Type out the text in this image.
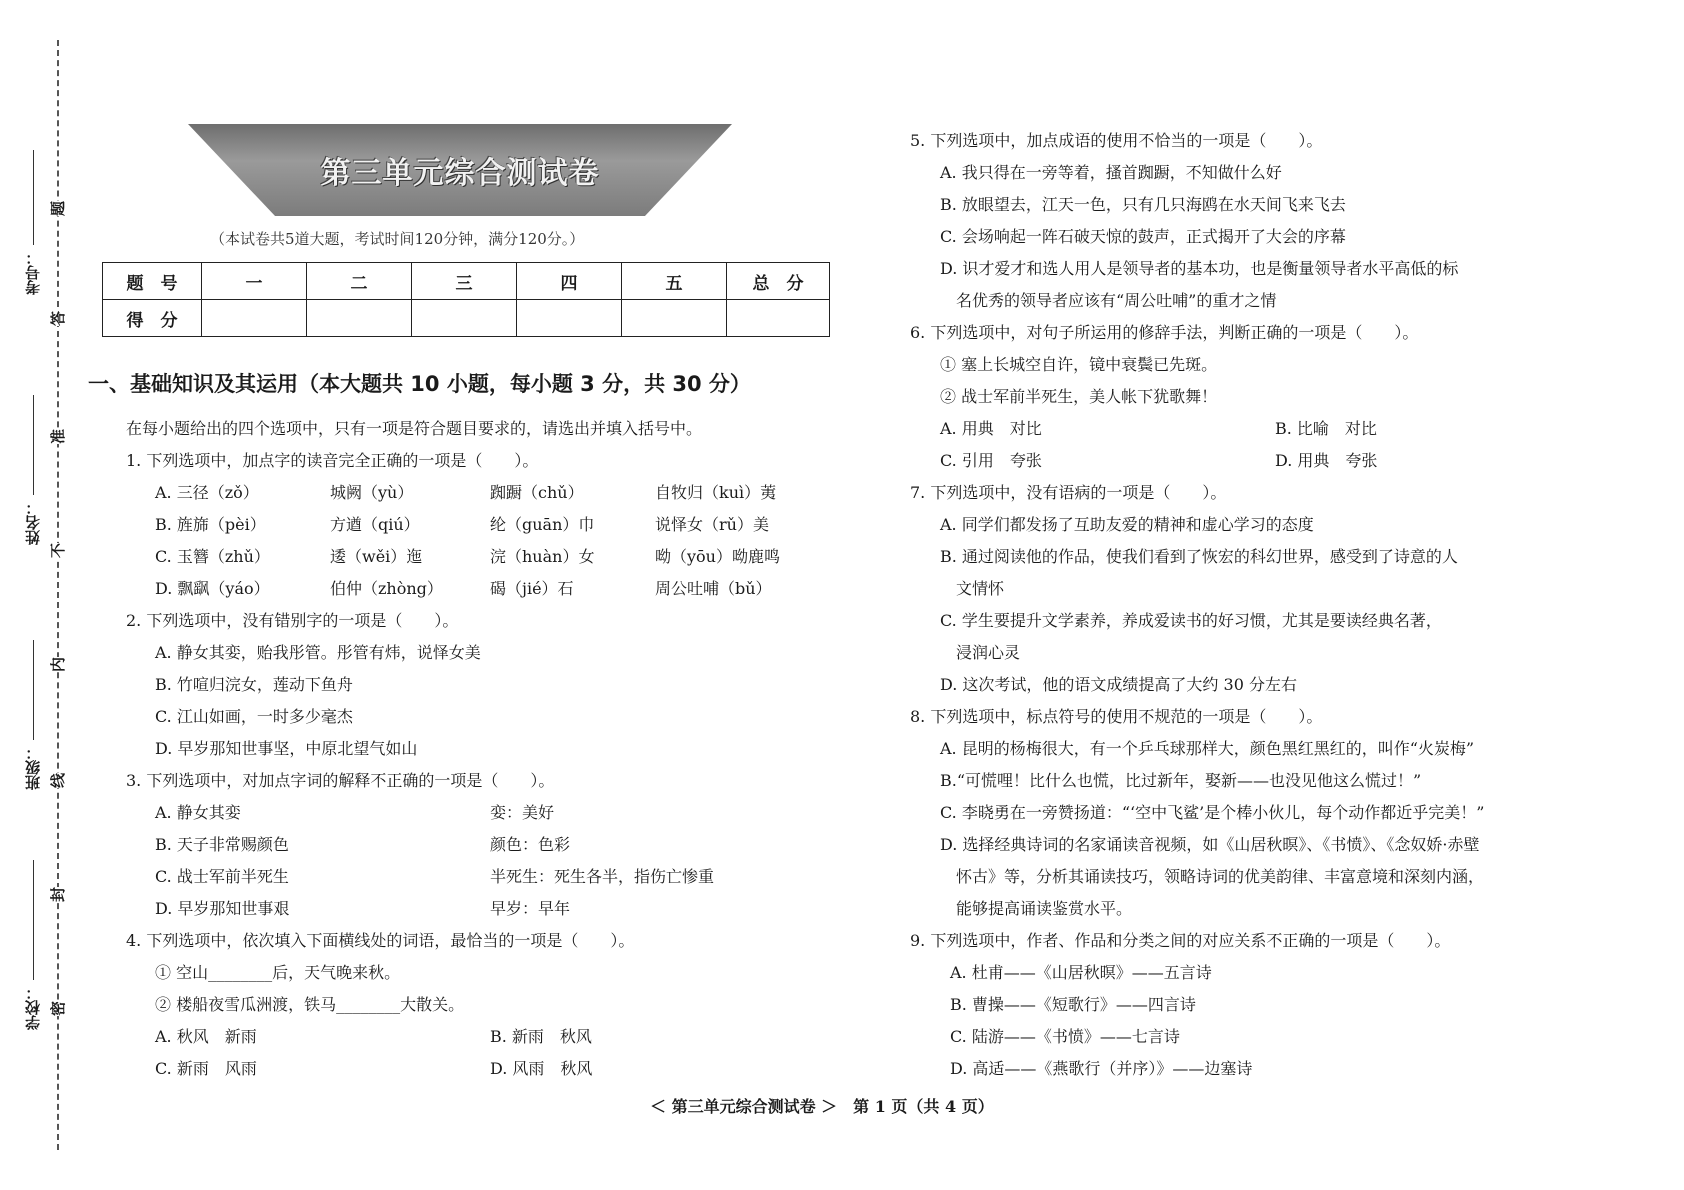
考号：
姓名：
班级：
学校：
题
答
准
不
内
线
封
密
第三单元综合测试卷
（本试卷共5道大题，考试时间120分钟，满分120分。）
题　号	一	二	三	四	五	总　分
得　分						
一、基础知识及其运用（本大题共 10 小题，每小题 3 分，共 30 分）
在每小题给出的四个选项中，只有一项是符合题目要求的，请选出并填入括号中。
1. 下列选项中，加点字的读音完全正确的一项是（　　）。
A. 三径（zǒ）	城阙（yù）	踟蹰（chǔ）	自牧归（kuì）荑
B. 旌旆（pèi）	方遒（qiú）	纶（guān）巾	说怿女（rǔ）美
C. 玉簪（zhǔ）	逶（wěi）迤	浣（huàn）女	呦（yōu）呦鹿鸣
D. 飘飖（yáo）	伯仲（zhòng）	碣（jié）石	周公吐哺（bǔ）
2. 下列选项中，没有错别字的一项是（　　）。
A. 静女其娈，贻我彤管。彤管有炜，说怿女美
B. 竹喧归浣女，莲动下鱼舟
C. 江山如画，一时多少毫杰
D. 早岁那知世事坚，中原北望气如山
3. 下列选项中，对加点字词的解释不正确的一项是（　　）。
A. 静女其娈	娈：美好
B. 天子非常赐颜色	颜色：色彩
C. 战士军前半死生	半死生：死生各半，指伤亡惨重
D. 早岁那知世事艰	早岁：早年
4. 下列选项中，依次填入下面横线处的词语，最恰当的一项是（　　）。
① 空山________后，天气晚来秋。
② 楼船夜雪瓜洲渡，铁马________大散关。
A. 秋风　新雨	B. 新雨　秋风
C. 新雨　风雨	D. 风雨　秋风
5. 下列选项中，加点成语的使用不恰当的一项是（　　）。
A. 我只得在一旁等着，搔首踟蹰，不知做什么好
B. 放眼望去，江天一色，只有几只海鸥在水天间飞来飞去
C. 会场响起一阵石破天惊的鼓声，正式揭开了大会的序幕
D. 识才爱才和选人用人是领导者的基本功，也是衡量领导者水平高低的标
　名优秀的领导者应该有“周公吐哺”的重才之情
6. 下列选项中，对句子所运用的修辞手法，判断正确的一项是（　　）。
① 塞上长城空自许，镜中衰鬓已先斑。
② 战士军前半死生，美人帐下犹歌舞！
A. 用典　对比	B. 比喻　对比
C. 引用　夸张	D. 用典　夸张
7. 下列选项中，没有语病的一项是（　　）。
A. 同学们都发扬了互助友爱的精神和虚心学习的态度
B. 通过阅读他的作品，使我们看到了恢宏的科幻世界，感受到了诗意的人
　文情怀
C. 学生要提升文学素养，养成爱读书的好习惯，尤其是要读经典名著，
　浸润心灵
D. 这次考试，他的语文成绩提高了大约 30 分左右
8. 下列选项中，标点符号的使用不规范的一项是（　　）。
A. 昆明的杨梅很大，有一个乒乓球那样大，颜色黑红黑红的，叫作“火炭梅”
B.“可慌哩！比什么也慌，比过新年，娶新——也没见他这么慌过！”
C. 李晓勇在一旁赞扬道：“‘空中飞鲨’是个棒小伙儿，每个动作都近乎完美！”
D. 选择经典诗词的名家诵读音视频，如《山居秋暝》、《书愤》、《念奴娇·赤壁
　怀古》等，分析其诵读技巧，领略诗词的优美韵律、丰富意境和深刻内涵，
　能够提高诵读鉴赏水平。
9. 下列选项中，作者、作品和分类之间的对应关系不正确的一项是（　　）。
A. 杜甫——《山居秋暝》——五言诗
B. 曹操——《短歌行》——四言诗
C. 陆游——《书愤》——七言诗
D. 高适——《燕歌行（并序）》——边塞诗
＜ 第三单元综合测试卷 ＞　第 1 页（共 4 页）
